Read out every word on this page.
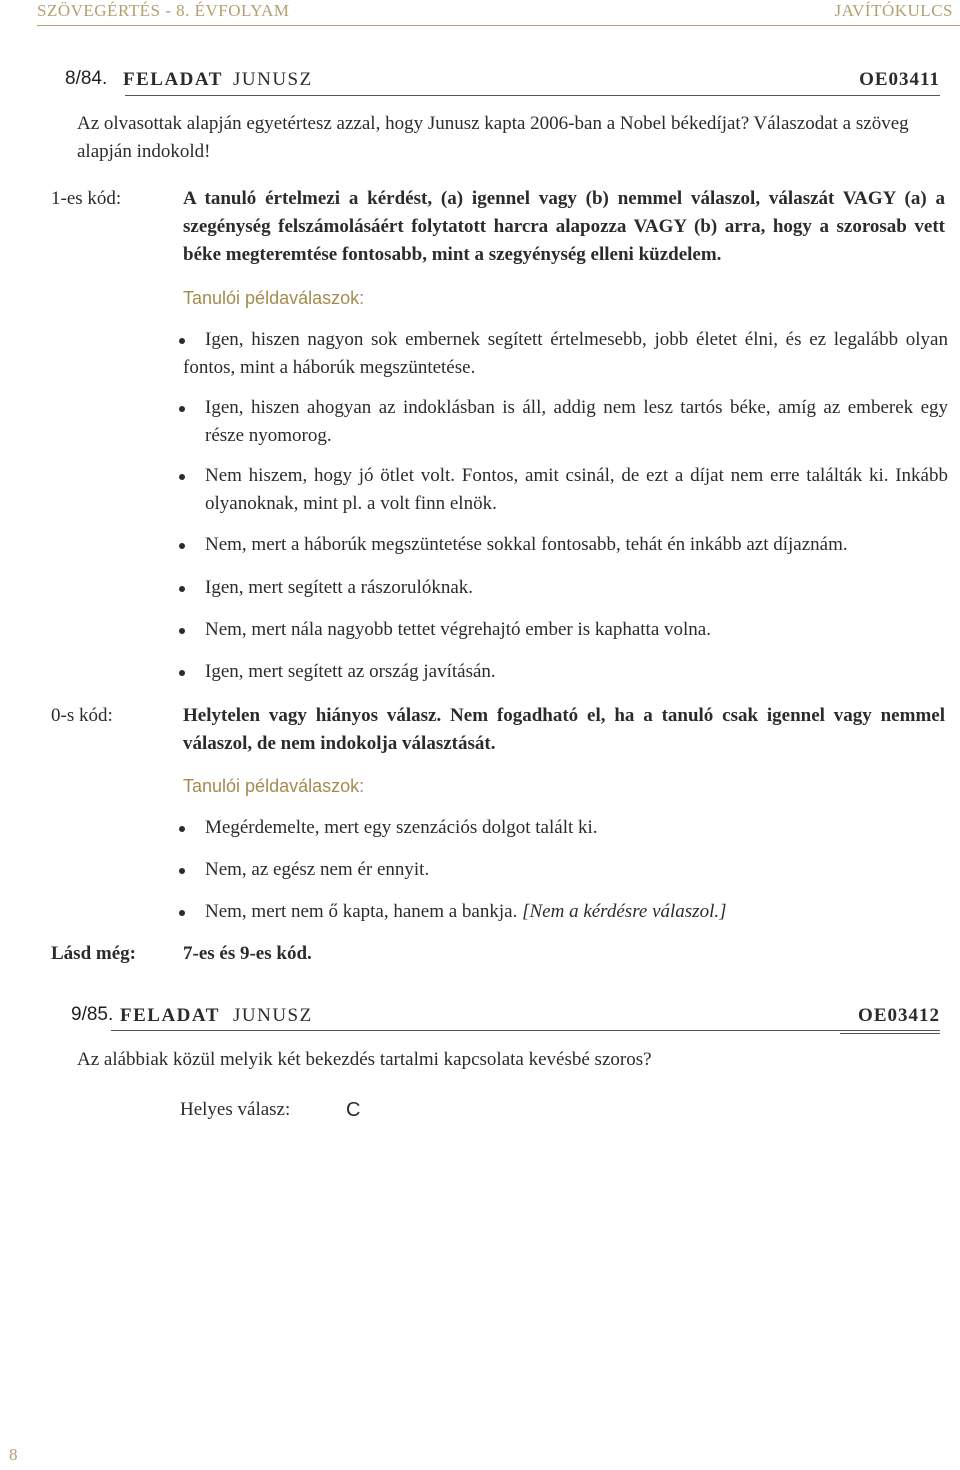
SZÖVEGÉRTÉS - 8. ÉVFOLYAM	JAVÍTÓKULCS
8/84. FELADAT JUNUSZ	OE03411
Az olvasottak alapján egyetértesz azzal, hogy Junusz kapta 2006-ban a Nobel békedíjat? Válaszodat a szöveg alapján indokold!
1-es kód:	A tanuló értelmezi a kérdést, (a) igennel vagy (b) nemmel válaszol, válaszát VAGY (a) a szegénység felszámolásáért folytatott harcra alapozza VAGY (b) arra, hogy a szorosab vett béke megteremtése fontosabb, mint a szegyénység elleni küzdelem.
Tanulói példaválaszok:
Igen, hiszen nagyon sok embernek segített értelmesebb, jobb életet élni, és ez legalább olyan fontos, mint a háborúk megszüntetése.
Igen, hiszen ahogyan az indoklásban is áll, addig nem lesz tartós béke, amíg az emberek egy része nyomorog.
Nem hiszem, hogy jó ötlet volt. Fontos, amit csinál, de ezt a díjat nem erre találták ki. Inkább olyanoknak, mint pl. a volt finn elnök.
Nem, mert a háborúk megszüntetése sokkal fontosabb, tehát én inkább azt díjaznám.
Igen, mert segített a rászorulóknak.
Nem, mert nála nagyobb tettet végrehajtó ember is kaphatta volna.
Igen, mert segített az ország javításán.
0-s kód:	Helytelen vagy hiányos válasz. Nem fogadható el, ha a tanuló csak igennel vagy nemmel válaszol, de nem indokolja választását.
Tanulói példaválaszok:
Megérdemelte, mert egy szenzációs dolgot talált ki.
Nem, az egész nem ér ennyit.
Nem, mert nem ő kapta, hanem a bankja. [Nem a kérdésre válaszol.]
Lásd még: 7-es és 9-es kód.
9/85. FELADAT JUNUSZ	OE03412
Az alábbiak közül melyik két bekezdés tartalmi kapcsolata kevésbé szoros?
Helyes válasz:	C
8
